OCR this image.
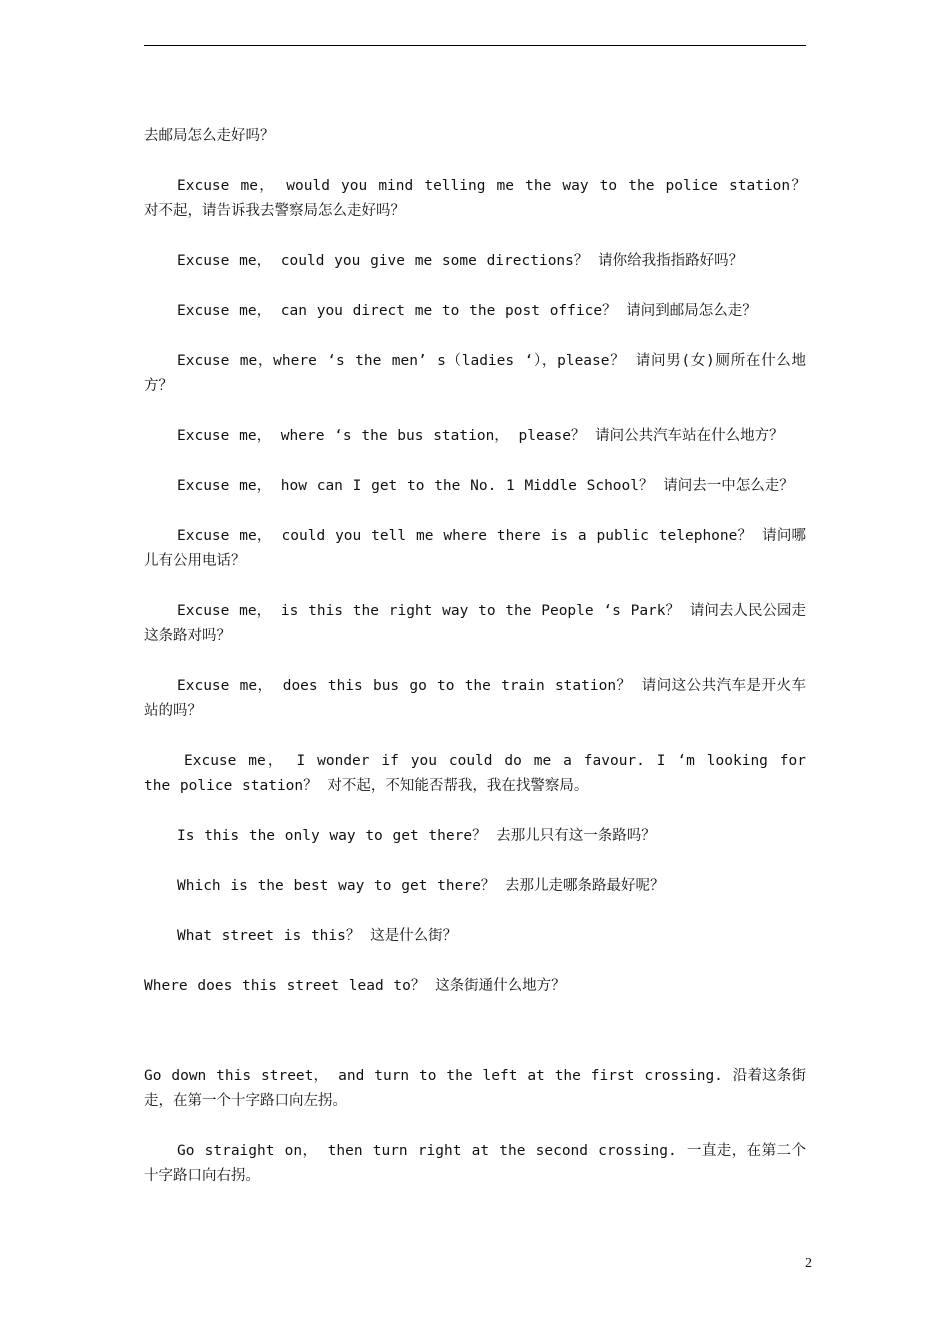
去邮局怎么走好吗？

Excuse me， would you mind telling me the way to the police station？ 对不起，请告诉我去警察局怎么走好吗？

Excuse me， could you give me some directions？ 请你给我指指路好吗？

Excuse me， can you direct me to the post office？ 请问到邮局怎么走？

Excuse me，where ‘s the men’ s（ladies ‘），please？ 请问男(女)厕所在什么地方？

Excuse me， where ‘s the bus station， please？ 请问公共汽车站在什么地方？

Excuse me， how can I get to the No. 1 Middle School？ 请问去一中怎么走？

Excuse me， could you tell me where there is a public telephone？ 请问哪儿有公用电话？

Excuse me， is this the right way to the People ‘s Park？ 请问去人民公园走这条路对吗？

Excuse me， does this bus go to the train station？ 请问这公共汽车是开火车站的吗？

Excuse me， I wonder if you could do me a favour. I ‘m looking for the police station？ 对不起，不知能否帮我，我在找警察局。

Is this the only way to get there？ 去那儿只有这一条路吗？

Which is the best way to get there？ 去那儿走哪条路最好呢？

What street is this？ 这是什么街？

Where does this street lead to？ 这条街通什么地方？

Go down this street， and turn to the left at the first crossing. 沿着这条街走，在第一个十字路口向左拐。

Go straight on， then turn right at the second crossing. 一直走，在第二个十字路口向右拐。

2
